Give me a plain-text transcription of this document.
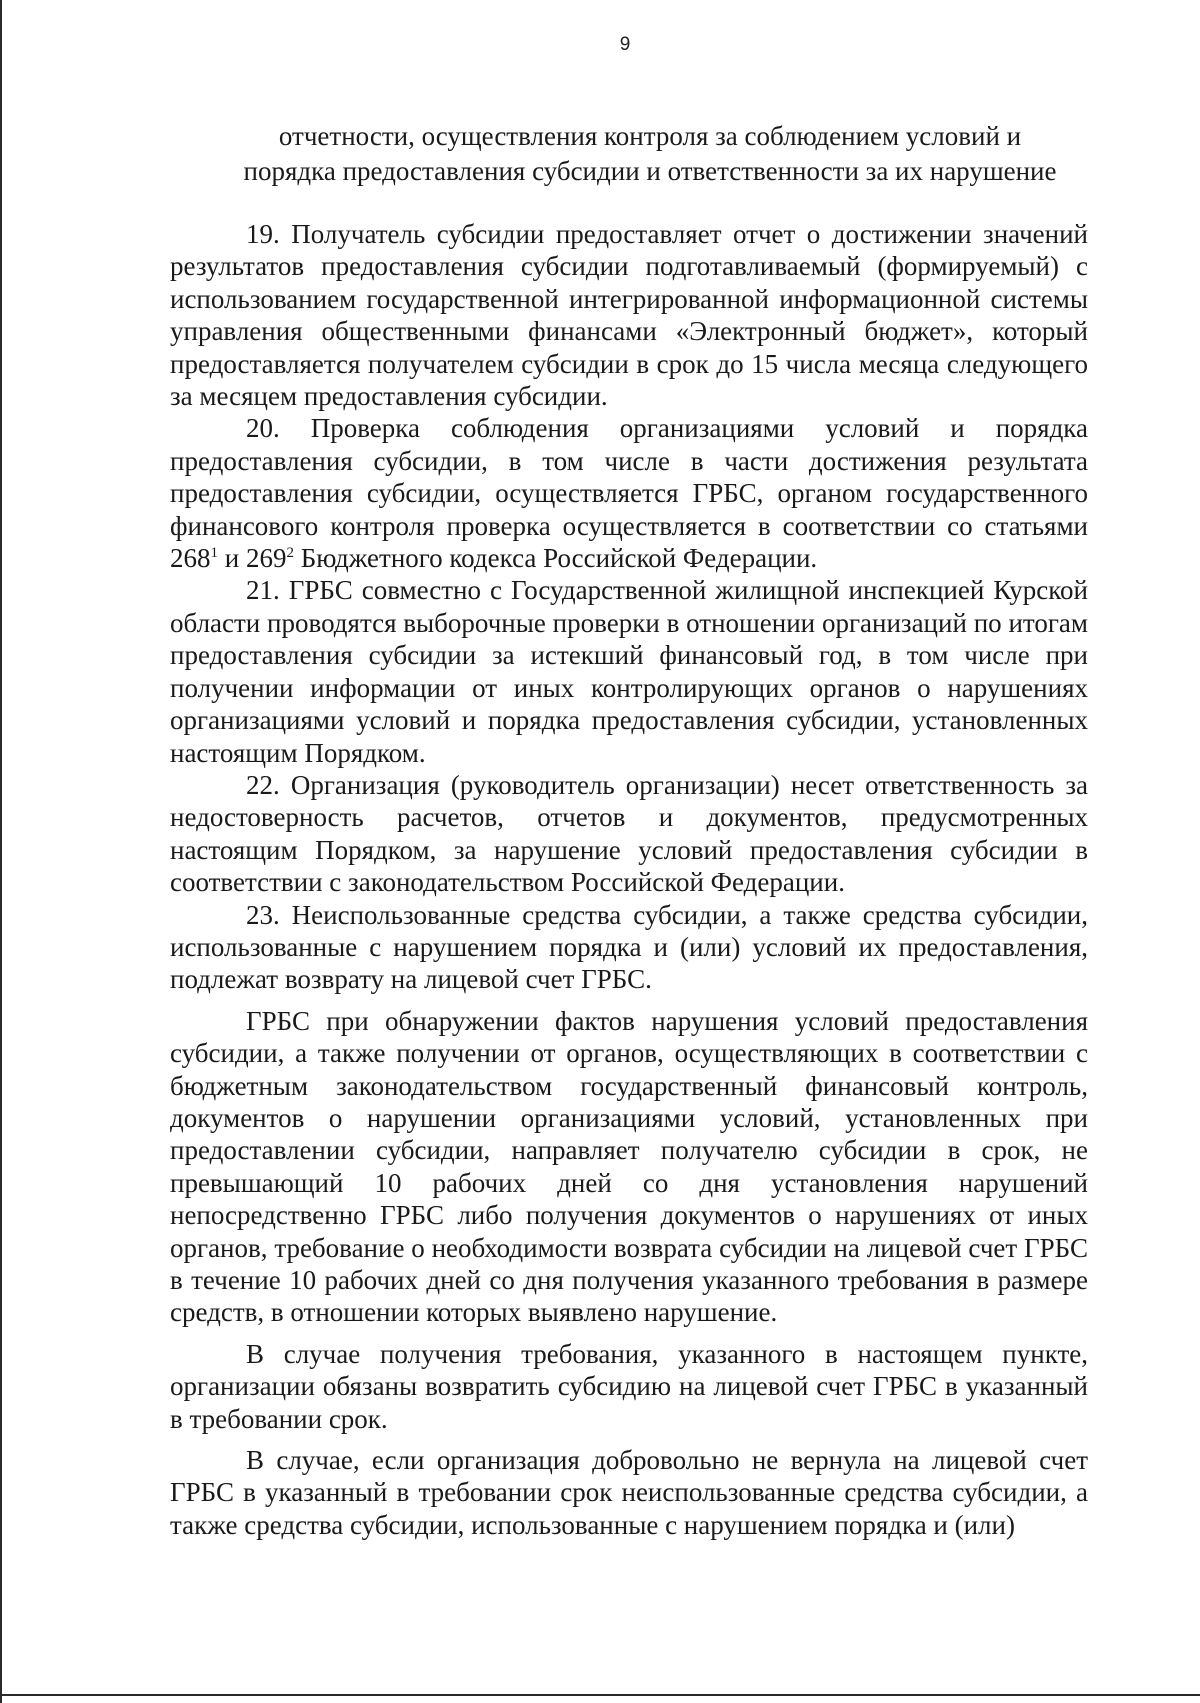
9
отчетности, осуществления контроля за соблюдением условий и
порядка предоставления субсидии и ответственности за их нарушение

19. Получатель субсидии предоставляет отчет о достижении значений результатов предоставления субсидии подготавливаемый (формируемый) с использованием государственной интегрированной информационной системы управления общественными финансами «Электронный бюджет», который предоставляется получателем субсидии в срок до 15 числа месяца следующего за месяцем предоставления субсидии.

20. Проверка соблюдения организациями условий и порядка предоставления субсидии, в том числе в части достижения результата предоставления субсидии, осуществляется ГРБС, органом государственного финансового контроля проверка осуществляется в соответствии со статьями $268^1$ и $269^2$ Бюджетного кодекса Российской Федерации.

21. ГРБС совместно с Государственной жилищной инспекцией Курской области проводятся выборочные проверки в отношении организаций по итогам предоставления субсидии за истекший финансовый год, в том числе при получении информации от иных контролирующих органов о нарушениях организациями условий и порядка предоставления субсидии, установленных настоящим Порядком.

22. Организация (руководитель организации) несет ответственность за недостоверность расчетов, отчетов и документов, предусмотренных настоящим Порядком, за нарушение условий предоставления субсидии в соответствии с законодательством Российской Федерации.

23. Неиспользованные средства субсидии, а также средства субсидии, использованные с нарушением порядка и (или) условий их предоставления, подлежат возврату на лицевой счет ГРБС.

ГРБС при обнаружении фактов нарушения условий предоставления субсидии, а также получении от органов, осуществляющих в соответствии с бюджетным законодательством государственный финансовый контроль, документов о нарушении организациями условий, установленных при предоставлении субсидии, направляет получателю субсидии в срок, не превышающий 10 рабочих дней со дня установления нарушений непосредственно ГРБС либо получения документов о нарушениях от иных органов, требование о необходимости возврата субсидии на лицевой счет ГРБС в течение 10 рабочих дней со дня получения указанного требования в размере средств, в отношении которых выявлено нарушение.

В случае получения требования, указанного в настоящем пункте, организации обязаны возвратить субсидию на лицевой счет ГРБС в указанный в требовании срок.

В случае, если организация добровольно не вернула на лицевой счет ГРБС в указанный в требовании срок неиспользованные средства субсидии, а также средства субсидии, использованные с нарушением порядка и (или)
